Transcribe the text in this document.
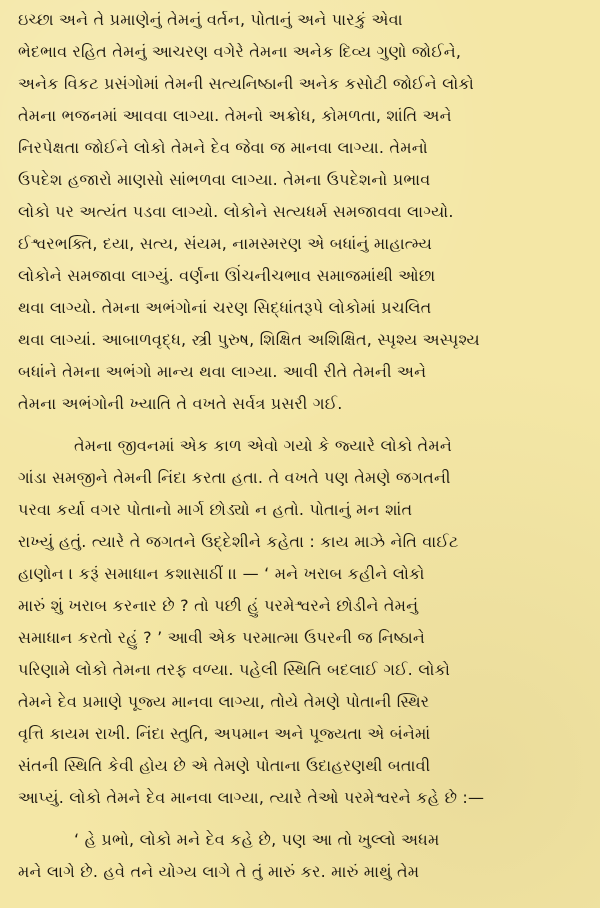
ઇચ્છા અને તે પ્રમાણેનું તેમનું વર્તન, પોતાનું અને પારકું એવા

ભેદભાવ રહિત તેમનું આચરણ વગેરે તેમના અનેક દિવ્ય ગુણો જોઈને,

અનેક વિકટ પ્રસંગોમાં તેમની સત્યનિષ્ઠાની અનેક કસોટી જોઈને લોકો

તેમના ભજનમાં આવવા લાગ્યા. તેમનો અક્રોધ, કોમળતા, શાંતિ અને

નિરપેક્ષતા જોઈને લોકો તેમને દેવ જેવા જ માનવા લાગ્યા. તેમનો

ઉપદેશ હજારો માણસો સાંભળવા લાગ્યા. તેમના ઉપદેશનો પ્રભાવ

લોકો પર અત્યંત પડવા લાગ્યો. લોકોને સત્યધર્મ સમજાવવા લાગ્યો.

ઈશ્વરભક્તિ, દયા, સત્ય, સંયમ, નામસ્મરણ એ બધાંનું માહાત્મ્ય

લોકોને સમજાવા લાગ્યું. વર્ણના ઊંચનીચભાવ સમાજમાંથી ઓછા

થવા લાગ્યો. તેમના અભંગોનાં ચરણ સિદ્ધાંતરૂપે લોકોમાં પ્રચલિત

થવા લાગ્યાં. આબાળવૃદ્ધ, સ્ત્રી પુરુષ, શિક્ષિત અશિક્ષિત, સ્પૃશ્ય અસ્પૃશ્ય

બધાંને તેમના અભંગો માન્ય થવા લાગ્યા. આવી રીતે તેમની અને

તેમના અભંગોની ખ્યાતિ તે વખતે સર્વત્ર પ્રસરી ગઈ.

તેમના જીવનમાં એક કાળ એવો ગયો કે જ્યારે લોકો તેમને

ગાંડા સમજીને તેમની નિંદા કરતા હતા. તે વખતે પણ તેમણે જગતની

પરવા કર્યા વગર પોતાનો માર્ગ છોડ્યો ન હતો. પોતાનું મન શાંત

રાખ્યું હતું. ત્યારે તે જગતને ઉદ્દેશીને કહેતા : કાય માઝે નેતિ વાઈટ

હાણોન । કરૂં સમાધાન કશાસાઠીં ।। — ‘ મને ખરાબ કહીને લોકો

મારું શું ખરાબ કરનાર છે ? તો પછી હું પરમેશ્વરને છોડીને તેમનું

સમાધાન કરતો રહું ? ’ આવી એક પરમાત્મા ઉપરની જ નિષ્ઠાને

પરિણામે લોકો તેમના તરફ વળ્યા. પહેલી સ્થિતિ બદલાઈ ગઈ. લોકો

તેમને દેવ પ્રમાણે પૂજ્ય માનવા લાગ્યા, તોયે તેમણે પોતાની સ્થિર

વૃત્તિ કાયમ રાખી. નિંદા સ્તુતિ, અપમાન અને પૂજ્યતા એ બંનેમાં

સંતની સ્થિતિ કેવી હોય છે એ તેમણે પોતાના ઉદાહરણથી બતાવી

આપ્યું. લોકો તેમને દેવ માનવા લાગ્યા, ત્યારે તેઓ પરમેશ્વરને કહે છે :—

‘ હે પ્રભો, લોકો મને દેવ કહે છે, પણ આ તો ખુલ્લો અધમ

મને લાગે છે. હવે તને યોગ્ય લાગે તે તું મારું કર. મારું માથું તેમ
